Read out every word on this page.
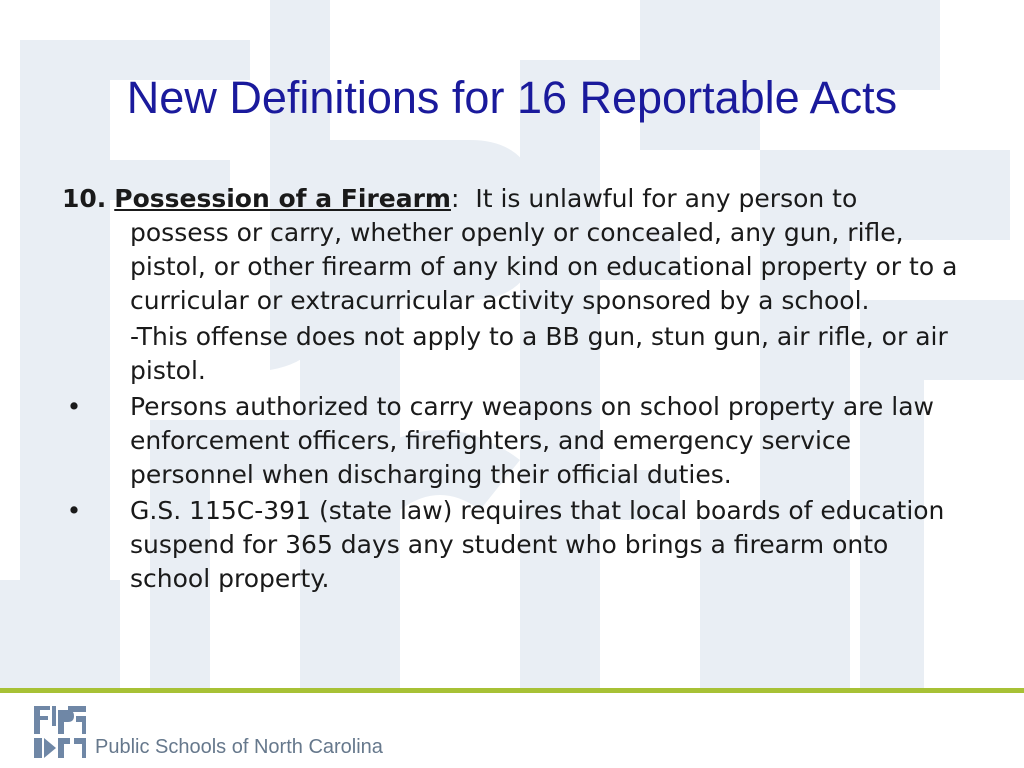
New Definitions for 16 Reportable Acts
10. Possession of a Firearm: It is unlawful for any person to possess or carry, whether openly or concealed, any gun, rifle, pistol, or other firearm of any kind on educational property or to a curricular or extracurricular activity sponsored by a school.
-This offense does not apply to a BB gun, stun gun, air rifle, or air pistol.
• Persons authorized to carry weapons on school property are law enforcement officers, firefighters, and emergency service personnel when discharging their official duties.
• G.S. 115C-391 (state law) requires that local boards of education suspend for 365 days any student who brings a firearm onto school property.
Public Schools of North Carolina
